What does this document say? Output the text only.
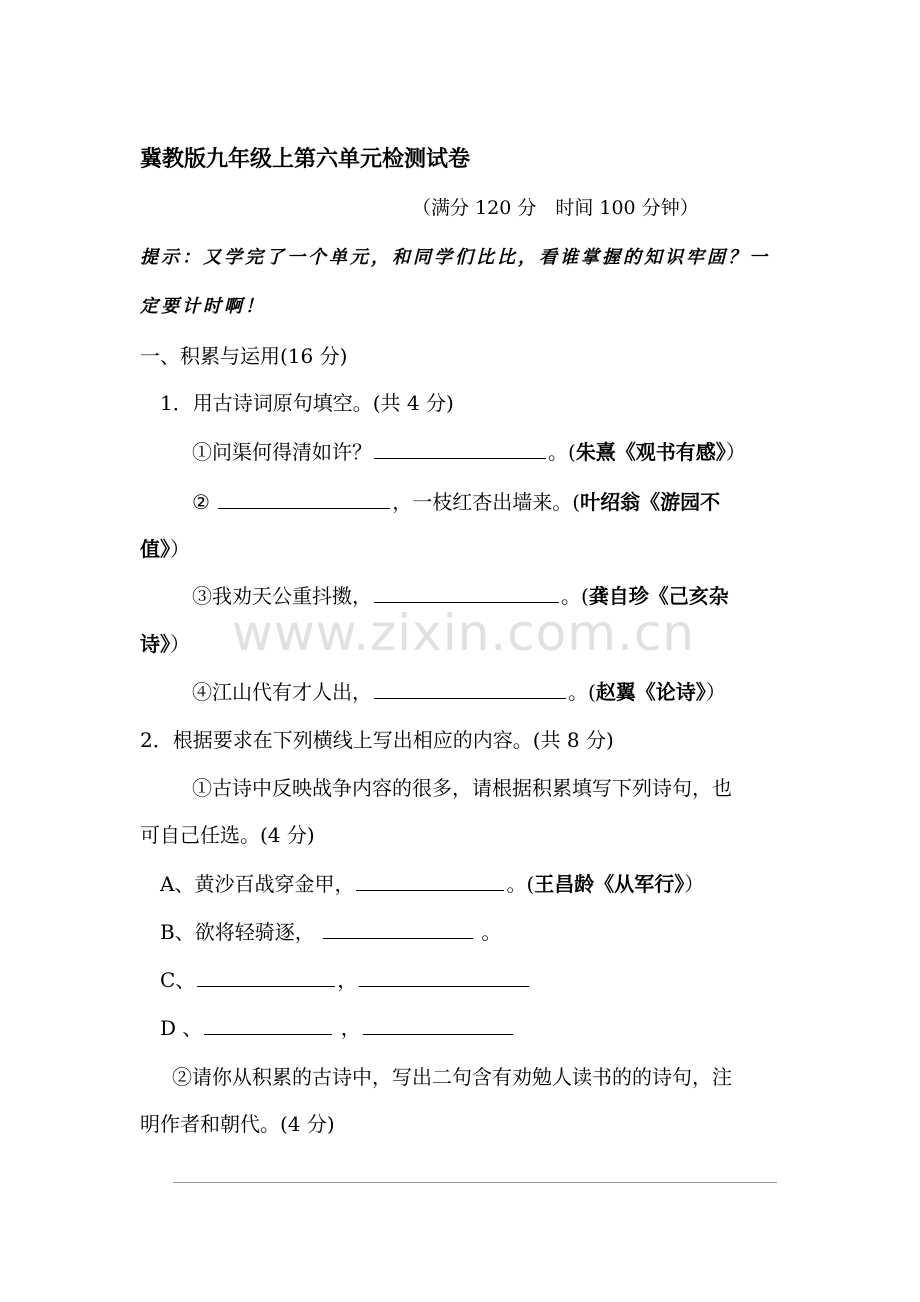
冀教版九年级上第六单元检测试卷
（满分 120 分　时间 100 分钟）
提示：又学完了一个单元，和同学们比比，看谁掌握的知识牢固？一
定要计时啊！
一、积累与运用(16 分)
1．用古诗词原句填空。(共 4 分)
①问渠何得清如许？	。(朱熹《观书有感》）
②	，一枝红杏出墙来。(叶绍翁《游园不
值》）
③我劝天公重抖擞，	。(龚自珍《己亥杂
诗》）
④江山代有才人出，	。(赵翼《论诗》）
2．根据要求在下列横线上写出相应的内容。(共 8 分)
①古诗中反映战争内容的很多，请根据积累填写下列诗句，也
可自己任选。(4 分)
A、黄沙百战穿金甲，	。(王昌龄《从军行》）
B、欲将轻骑逐，	。
C、	，
D 、	，
②请你从积累的古诗中，写出二句含有劝勉人读书的的诗句，注
明作者和朝代。(4 分)
www.zixin.com.cn
